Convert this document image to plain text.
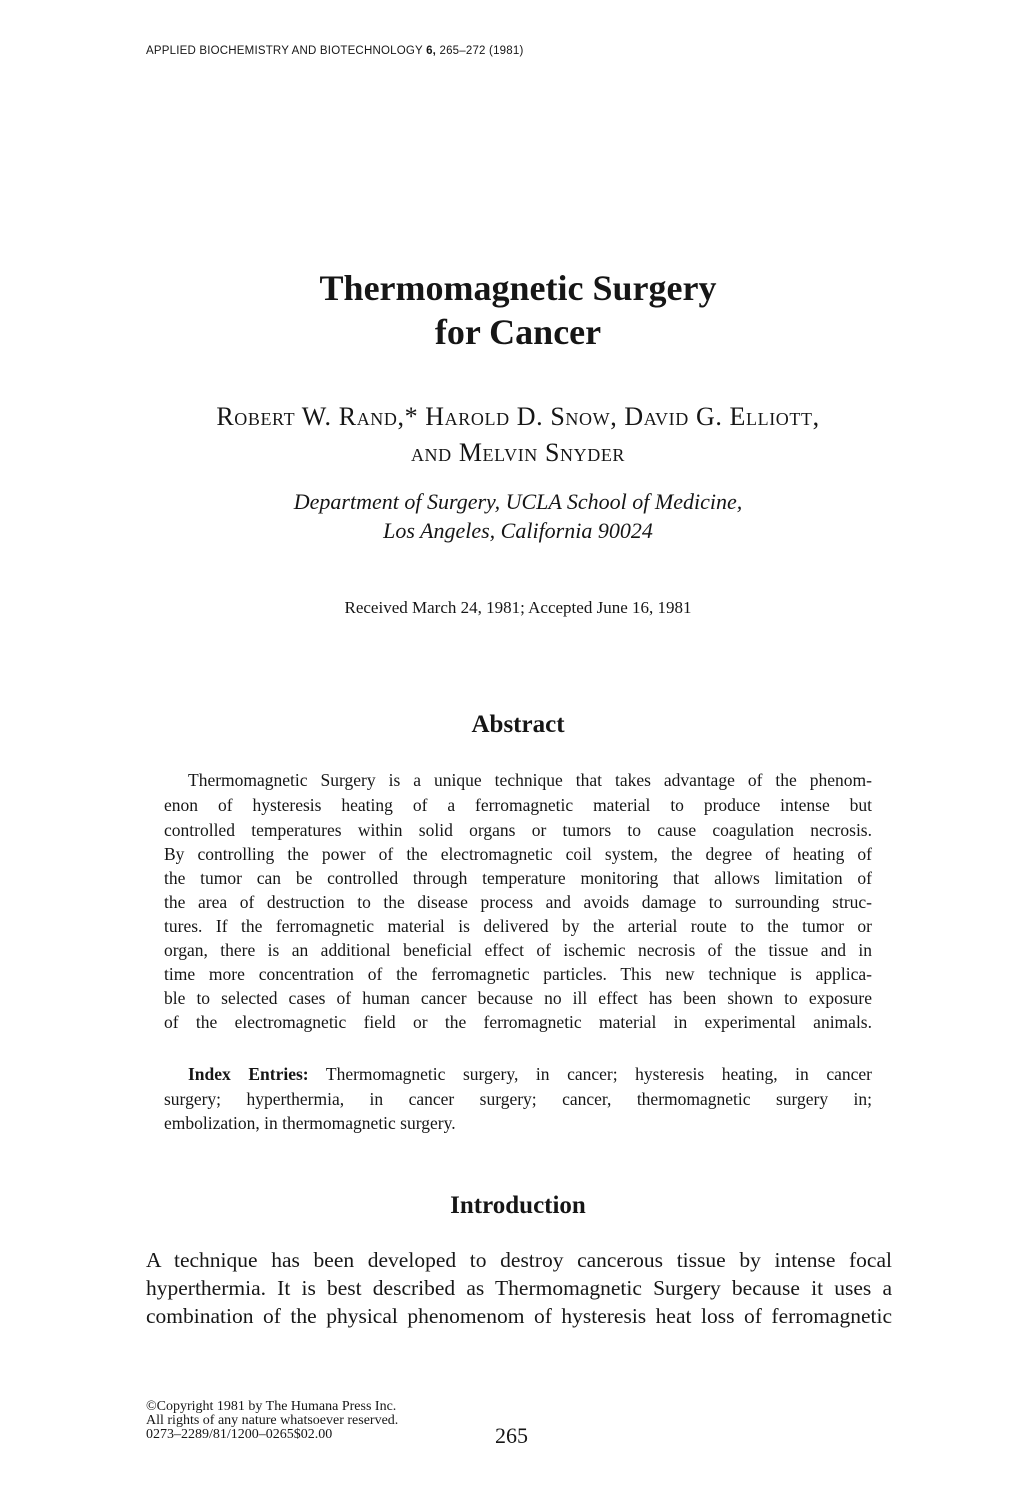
APPLIED BIOCHEMISTRY AND BIOTECHNOLOGY 6, 265–272 (1981)
Thermomagnetic Surgery
for Cancer
Robert W. Rand,* Harold D. Snow, David G. Elliott,
and Melvin Snyder
Department of Surgery, UCLA School of Medicine,
Los Angeles, California 90024
Received March 24, 1981; Accepted June 16, 1981
Abstract
Thermomagnetic Surgery is a unique technique that takes advantage of the phenom-
enon of hysteresis heating of a ferromagnetic material to produce intense but
controlled temperatures within solid organs or tumors to cause coagulation necrosis.
By controlling the power of the electromagnetic coil system, the degree of heating of
the tumor can be controlled through temperature monitoring that allows limitation of
the area of destruction to the disease process and avoids damage to surrounding struc-
tures. If the ferromagnetic material is delivered by the arterial route to the tumor or
organ, there is an additional beneficial effect of ischemic necrosis of the tissue and in
time more concentration of the ferromagnetic particles. This new technique is applica-
ble to selected cases of human cancer because no ill effect has been shown to exposure
of the electromagnetic field or the ferromagnetic material in experimental animals.
Index Entries: Thermomagnetic surgery, in cancer; hysteresis heating, in cancer
surgery; hyperthermia, in cancer surgery; cancer, thermomagnetic surgery in;
embolization, in thermomagnetic surgery.
Introduction
A technique has been developed to destroy cancerous tissue by intense focal
hyperthermia. It is best described as Thermomagnetic Surgery because it uses a
combination of the physical phenomenom of hysteresis heat loss of ferromagnetic
©Copyright 1981 by The Humana Press Inc.
All rights of any nature whatsoever reserved.
0273–2289/81/1200–0265$02.00	265
